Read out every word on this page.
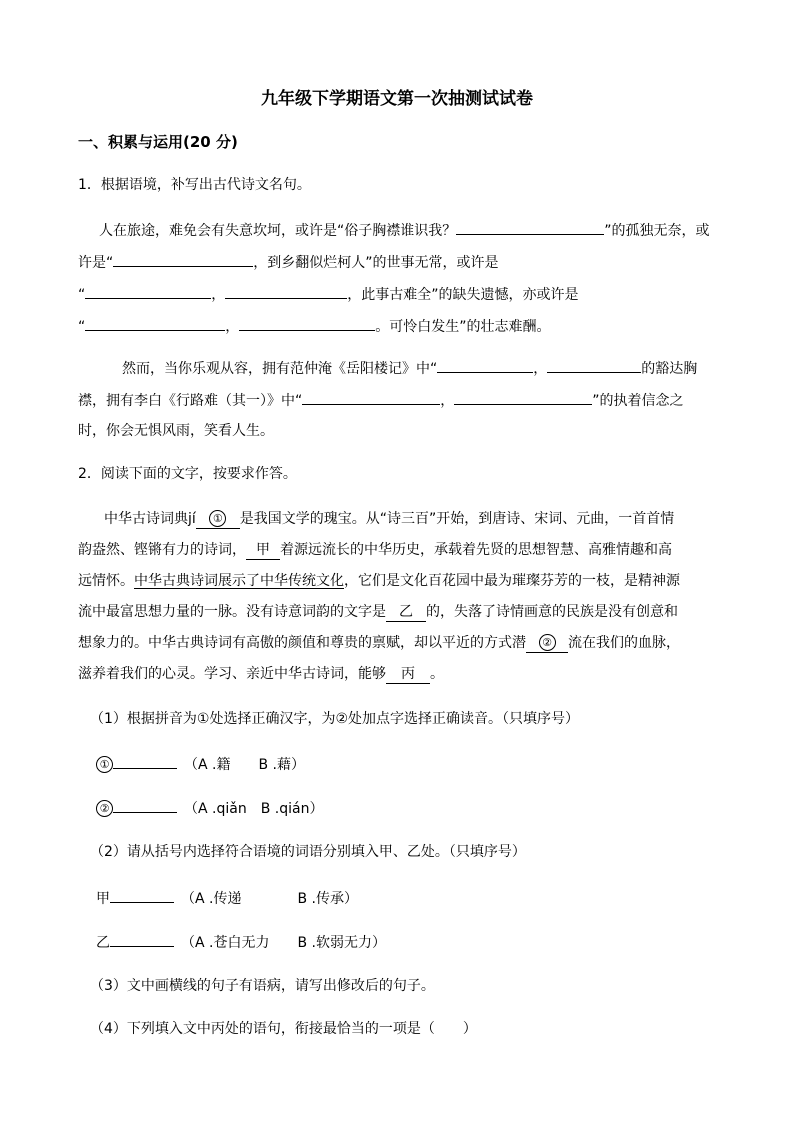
九年级下学期语文第一次抽测试试卷
一、积累与运用(20 分)
1．根据语境，补写出古代诗文名句。
人在旅途，难免会有失意坎坷，或许是“俗子胸襟谁识我？	”的孤独无奈，或
许是“	，到乡翻似烂柯人”的世事无常，或许是
“	，	，此事古难全”的缺失遗憾，亦或许是
“	，	。可怜白发生”的壮志难酬。
然而，当你乐观从容，拥有范仲淹《岳阳楼记》中“	，	的豁达胸
襟，拥有李白《行路难（其一）》中“	，	”的执着信念之
时，你会无惧风雨，笑看人生。
2．阅读下面的文字，按要求作答。
中华古诗词典jí ① 是我国文学的瑰宝。从“诗三百”开始，到唐诗、宋词、元曲，一首首情
韵盎然、铿锵有力的诗词， 甲 着源远流长的中华历史，承载着先贤的思想智慧、高雅情趣和高
远情怀。中华古典诗词展示了中华传统文化，它们是文化百花园中最为璀璨芬芳的一枝，是精神源
流中最富思想力量的一脉。没有诗意词韵的文字是 乙 的，失落了诗情画意的民族是没有创意和
想象力的。中华古典诗词有高傲的颜值和尊贵的禀赋，却以平近的方式潜 ② 流在我们的血脉，
滋养着我们的心灵。学习、亲近中华古诗词，能够 丙 。
（1）根据拼音为①处选择正确汉字，为②处加点字选择正确读音。（只填序号）
①　	（A .籍　　B .藉）
②　	（A .qiǎn　B .qián）
（2）请从括号内选择符合语境的词语分别填入甲、乙处。（只填序号）
甲　	（A .传递　　　　B .传承）
乙　	（A .苍白无力　　B .软弱无力）
（3）文中画横线的句子有语病，请写出修改后的句子。
（4）下列填入文中丙处的语句，衔接最恰当的一项是（　　）
